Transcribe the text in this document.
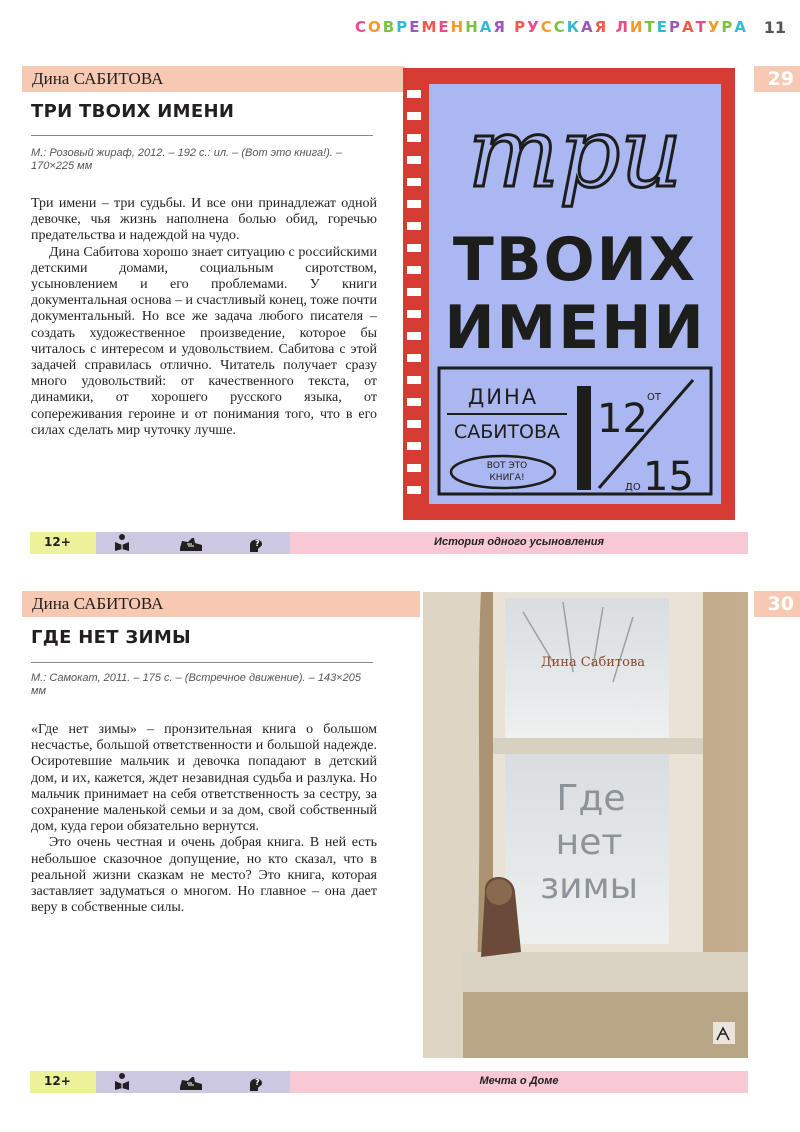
СОВРЕМЕННАЯ РУССКАЯ ЛИТЕРАТУРА 11
Дина САБИТОВА	29
ТРИ ТВОИХ ИМЕНИ
М.: Розовый жираф, 2012. – 192 с.: ил. – (Вот это книга!). – 170×225 мм

Три имени – три судьбы. И все они принадлежат одной девочке, чья жизнь наполнена болью обид, горечью предательства и надеждой на чудо.

Дина Сабитова хорошо знает ситуацию с российскими детскими домами, социальным сиротством, усыновлением и его проблемами. У книги документальная основа – и счастливый конец, тоже почти документальный. Но все же задача любого писателя – создать художественное произведение, которое бы читалось с интересом и удовольствием. Сабитова с этой задачей справилась отлично. Читатель получает сразу много удовольствий: от качественного текста, от динамики, от хорошего русского языка, от сопереживания героине и от понимания того, что в его силах сделать мир чуточку лучше.

три
ТВОИХ
ИМЕНИ
ДИНА
САБИТОВА
ВОТ ЭТО
КНИГА!
12 ОТ
ДО 15
12+	?	История одного усыновления
Дина САБИТОВА	30
ГДЕ НЕТ ЗИМЫ
М.: Самокат, 2011. – 175 с. – (Встречное движение). – 143×205 мм

«Где нет зимы» – пронзительная книга о большом несчастье, большой ответственности и большой надежде. Осиротевшие мальчик и девочка попадают в детский дом, и их, кажется, ждет незавидная судьба и разлука. Но мальчик принимает на себя ответственность за сестру, за сохранение маленькой семьи и за дом, свой собственный дом, куда герои обязательно вернутся.

Это очень честная и очень добрая книга. В ней есть небольшое сказочное допущение, но кто сказал, что в реальной жизни сказкам не место? Это книга, которая заставляет задуматься о многом. Но главное – она дает веру в собственные силы.

Дина Сабитова
Где
нет
зимы
12+	?	Мечта о Доме
